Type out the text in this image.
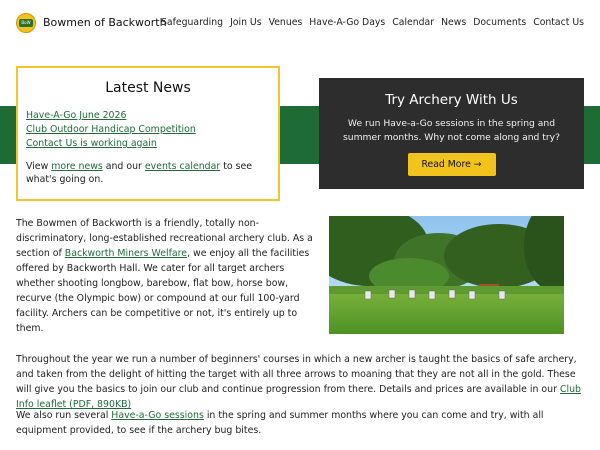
BoW Bowmen of Backworth
Safeguarding Join Us Venues Have-A-Go Days Calendar News Documents Contact Us
Latest News
Have-A-Go June 2026
Club Outdoor Handicap Competition
Contact Us is working again
View more news and our events calendar to see what's going on.
Try Archery With Us
We run Have-a-Go sessions in the spring and summer months. Why not come along and try?
Read More →
The Bowmen of Backworth is a friendly, totally non-discriminatory, long-established recreational archery club. As a section of Backworth Miners Welfare, we enjoy all the facilities offered by Backworth Hall. We cater for all target archers whether shooting longbow, barebow, flat bow, horse bow, recurve (the Olympic bow) or compound at our full 100-yard facility. Archers can be competitive or not, it's entirely up to them.
Throughout the year we run a number of beginners' courses in which a new archer is taught the basics of safe archery, and taken from the delight of hitting the target with all three arrows to moaning that they are not all in the gold. These will give you the basics to join our club and continue progression from there. Details and prices are available in our Club Info leaflet (PDF, 890KB)
We also run several Have-a-Go sessions in the spring and summer months where you can come and try, with all equipment provided, to see if the archery bug bites.
